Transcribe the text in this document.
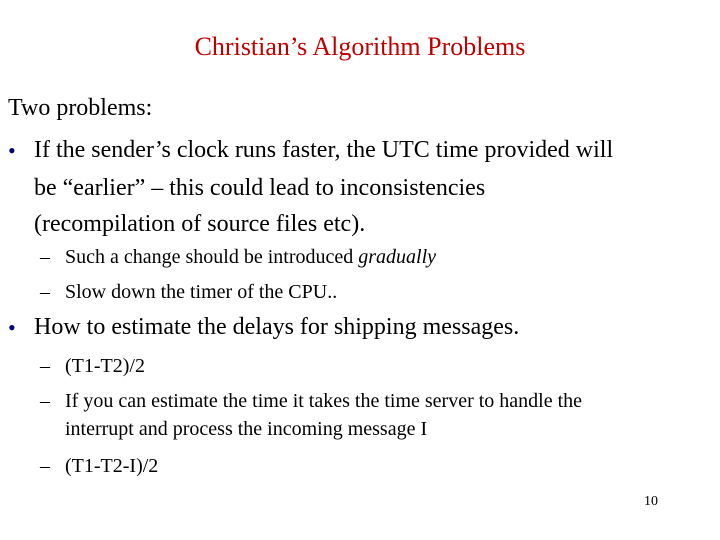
Christian’s Algorithm Problems
Two problems:
• If the sender’s clock runs faster, the UTC time provided will
be “earlier” – this could lead to inconsistencies
(recompilation of source files etc).
– Such a change should be introduced gradually
– Slow down the timer of the CPU..
• How to estimate the delays for shipping messages.
– (T1-T2)/2
– If you can estimate the time it takes the time server to handle the
interrupt and process the incoming message I
– (T1-T2-I)/2
10
